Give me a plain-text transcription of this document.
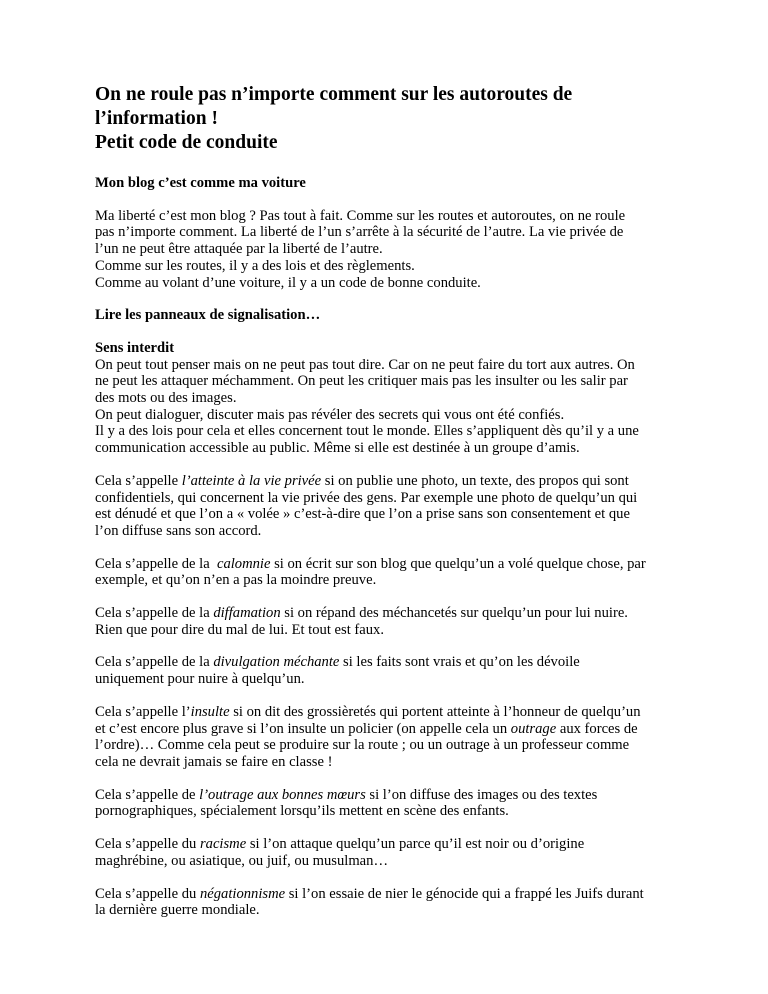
On ne roule pas n’importe comment sur les autoroutes de
l’information !
Petit code de conduite

Mon blog c’est comme ma voiture

Ma liberté c’est mon blog ? Pas tout à fait. Comme sur les routes et autoroutes, on ne roule
pas n’importe comment. La liberté de l’un s’arrête à la sécurité de l’autre. La vie privée de
l’un ne peut être attaquée par la liberté de l’autre.
Comme sur les routes, il y a des lois et des règlements.
Comme au volant d’une voiture, il y a un code de bonne conduite.

Lire les panneaux de signalisation…

Sens interdit
On peut tout penser mais on ne peut pas tout dire. Car on ne peut faire du tort aux autres. On
ne peut les attaquer méchamment. On peut les critiquer mais pas les insulter ou les salir par
des mots ou des images.
On peut dialoguer, discuter mais pas révéler des secrets qui vous ont été confiés.
Il y a des lois pour cela et elles concernent tout le monde. Elles s’appliquent dès qu’il y a une
communication accessible au public. Même si elle est destinée à un groupe d’amis.

Cela s’appelle l’atteinte à la vie privée si on publie une photo, un texte, des propos qui sont
confidentiels, qui concernent la vie privée des gens. Par exemple une photo de quelqu’un qui
est dénudé et que l’on a « volée » c’est-à-dire que l’on a prise sans son consentement et que
l’on diffuse sans son accord.

Cela s’appelle de la  calomnie si on écrit sur son blog que quelqu’un a volé quelque chose, par
exemple, et qu’on n’en a pas la moindre preuve.

Cela s’appelle de la diffamation si on répand des méchancetés sur quelqu’un pour lui nuire.
Rien que pour dire du mal de lui. Et tout est faux.

Cela s’appelle de la divulgation méchante si les faits sont vrais et qu’on les dévoile
uniquement pour nuire à quelqu’un.

Cela s’appelle l’insulte si on dit des grossièretés qui portent atteinte à l’honneur de quelqu’un
et c’est encore plus grave si l’on insulte un policier (on appelle cela un outrage aux forces de
l’ordre)… Comme cela peut se produire sur la route ; ou un outrage à un professeur comme
cela ne devrait jamais se faire en classe !

Cela s’appelle de l’outrage aux bonnes mœurs si l’on diffuse des images ou des textes
pornographiques, spécialement lorsqu’ils mettent en scène des enfants.

Cela s’appelle du racisme si l’on attaque quelqu’un parce qu’il est noir ou d’origine
maghrébine, ou asiatique, ou juif, ou musulman…

Cela s’appelle du négationnisme si l’on essaie de nier le génocide qui a frappé les Juifs durant
la dernière guerre mondiale.
